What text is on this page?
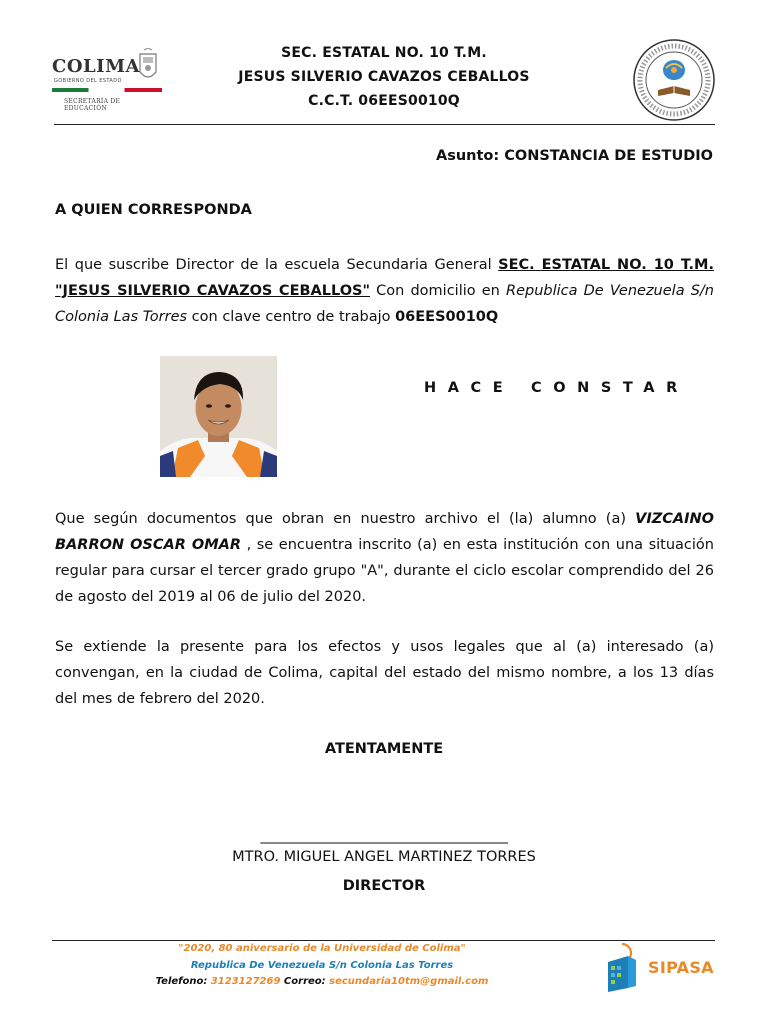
COLIMA
GOBIERNO DEL ESTADO
SECRETARÍA DE EDUCACIÓN
SEC. ESTATAL NO. 10 T.M.
JESUS SILVERIO CAVAZOS CEBALLOS
C.C.T. 06EES0010Q
Asunto: CONSTANCIA DE ESTUDIO
A QUIEN CORRESPONDA
El que suscribe Director de la escuela Secundaria General SEC. ESTATAL NO. 10 T.M. "JESUS SILVERIO CAVAZOS CEBALLOS" Con domicilio en Republica De Venezuela S/n Colonia Las Torres con clave centro de trabajo 06EES0010Q
HACE CONSTAR
Que según documentos que obran en nuestro archivo el (la) alumno (a) VIZCAINO BARRON OSCAR OMAR , se encuentra inscrito (a) en esta institución con una situación regular para cursar el tercer grado grupo "A", durante el ciclo escolar comprendido del 26 de agosto del 2019 al 06 de julio del 2020.
Se extiende la presente para los efectos y usos legales que al (a) interesado (a) convengan, en la ciudad de Colima, capital del estado del mismo nombre, a los 13 días del mes de febrero del 2020.
ATENTAMENTE
______________________________________
MTRO. MIGUEL ANGEL MARTINEZ TORRES
DIRECTOR
"2020, 80 aniversario de la Universidad de Colima"
Republica De Venezuela S/n Colonia Las Torres
Telefono: 3123127269 Correo: secundaria10tm@gmail.com
SIPASA
